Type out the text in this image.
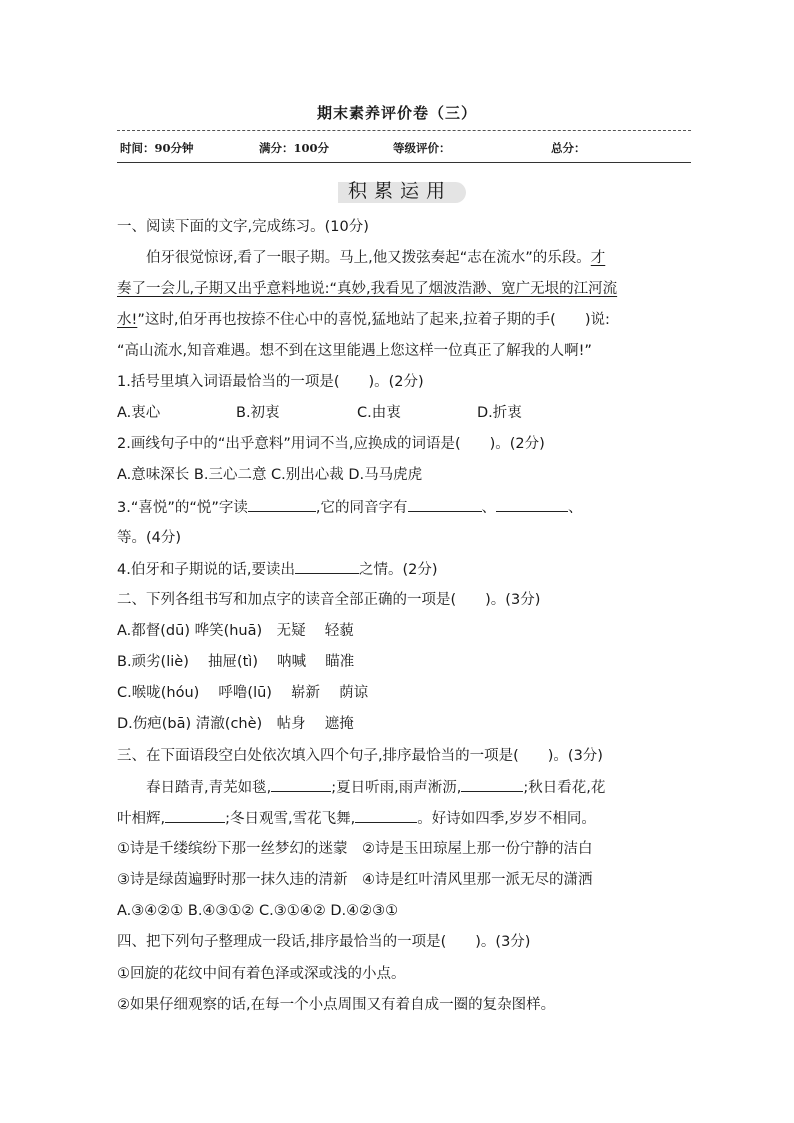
期末素养评价卷（三）
时间：90分钟	满分：100分	等级评价：	总分：
积累运用
一、阅读下面的文字,完成练习。(10分)
伯牙很觉惊讶,看了一眼子期。马上,他又拨弦奏起“志在流水”的乐段。才
奏了一会儿,子期又出乎意料地说:“真妙,我看见了烟波浩渺、宽广无垠的江河流
水!”这时,伯牙再也按捺不住心中的喜悦,猛地站了起来,拉着子期的手(　　)说:
“高山流水,知音难遇。想不到在这里能遇上您这样一位真正了解我的人啊!”
1.括号里填入词语最恰当的一项是(　　)。(2分)
A.衷心	B.初衷	C.由衷	D.折衷
2.画线句子中的“出乎意料”用词不当,应换成的词语是(　　)。(2分)
A.意味深长 B.三心二意 C.别出心裁 D.马马虎虎
3.“喜悦”的“悦”字读	,它的同音字有	、	、
等。(4分)
4.伯牙和子期说的话,要读出	之情。(2分)
二、下列各组书写和加点字的读音全部正确的一项是(　　)。(3分)
A.都督(dū) 哗笑(huā)　无疑　 轻藐
B.顽劣(liè)　 抽屉(tì)　 呐喊　 瞄准
C.喉咙(hóu)　 呼噜(lū)　 崭新　 荫谅
D.伤疤(bā) 清澈(chè)　帖身　 遮掩
三、在下面语段空白处依次填入四个句子,排序最恰当的一项是(　　)。(3分)
春日踏青,青芜如毯,	;夏日听雨,雨声淅沥,	;秋日看花,花
叶相辉,	;冬日观雪,雪花飞舞,	。好诗如四季,岁岁不相同。
①诗是千缕缤纷下那一丝梦幻的迷蒙　②诗是玉田琼屋上那一份宁静的洁白
③诗是绿茵遍野时那一抹久违的清新　④诗是红叶清风里那一派无尽的潇洒
A.③④②① B.④③①② C.③①④② D.④②③①
四、把下列句子整理成一段话,排序最恰当的一项是(　　)。(3分)
①回旋的花纹中间有着色泽或深或浅的小点。
②如果仔细观察的话,在每一个小点周围又有着自成一圈的复杂图样。
